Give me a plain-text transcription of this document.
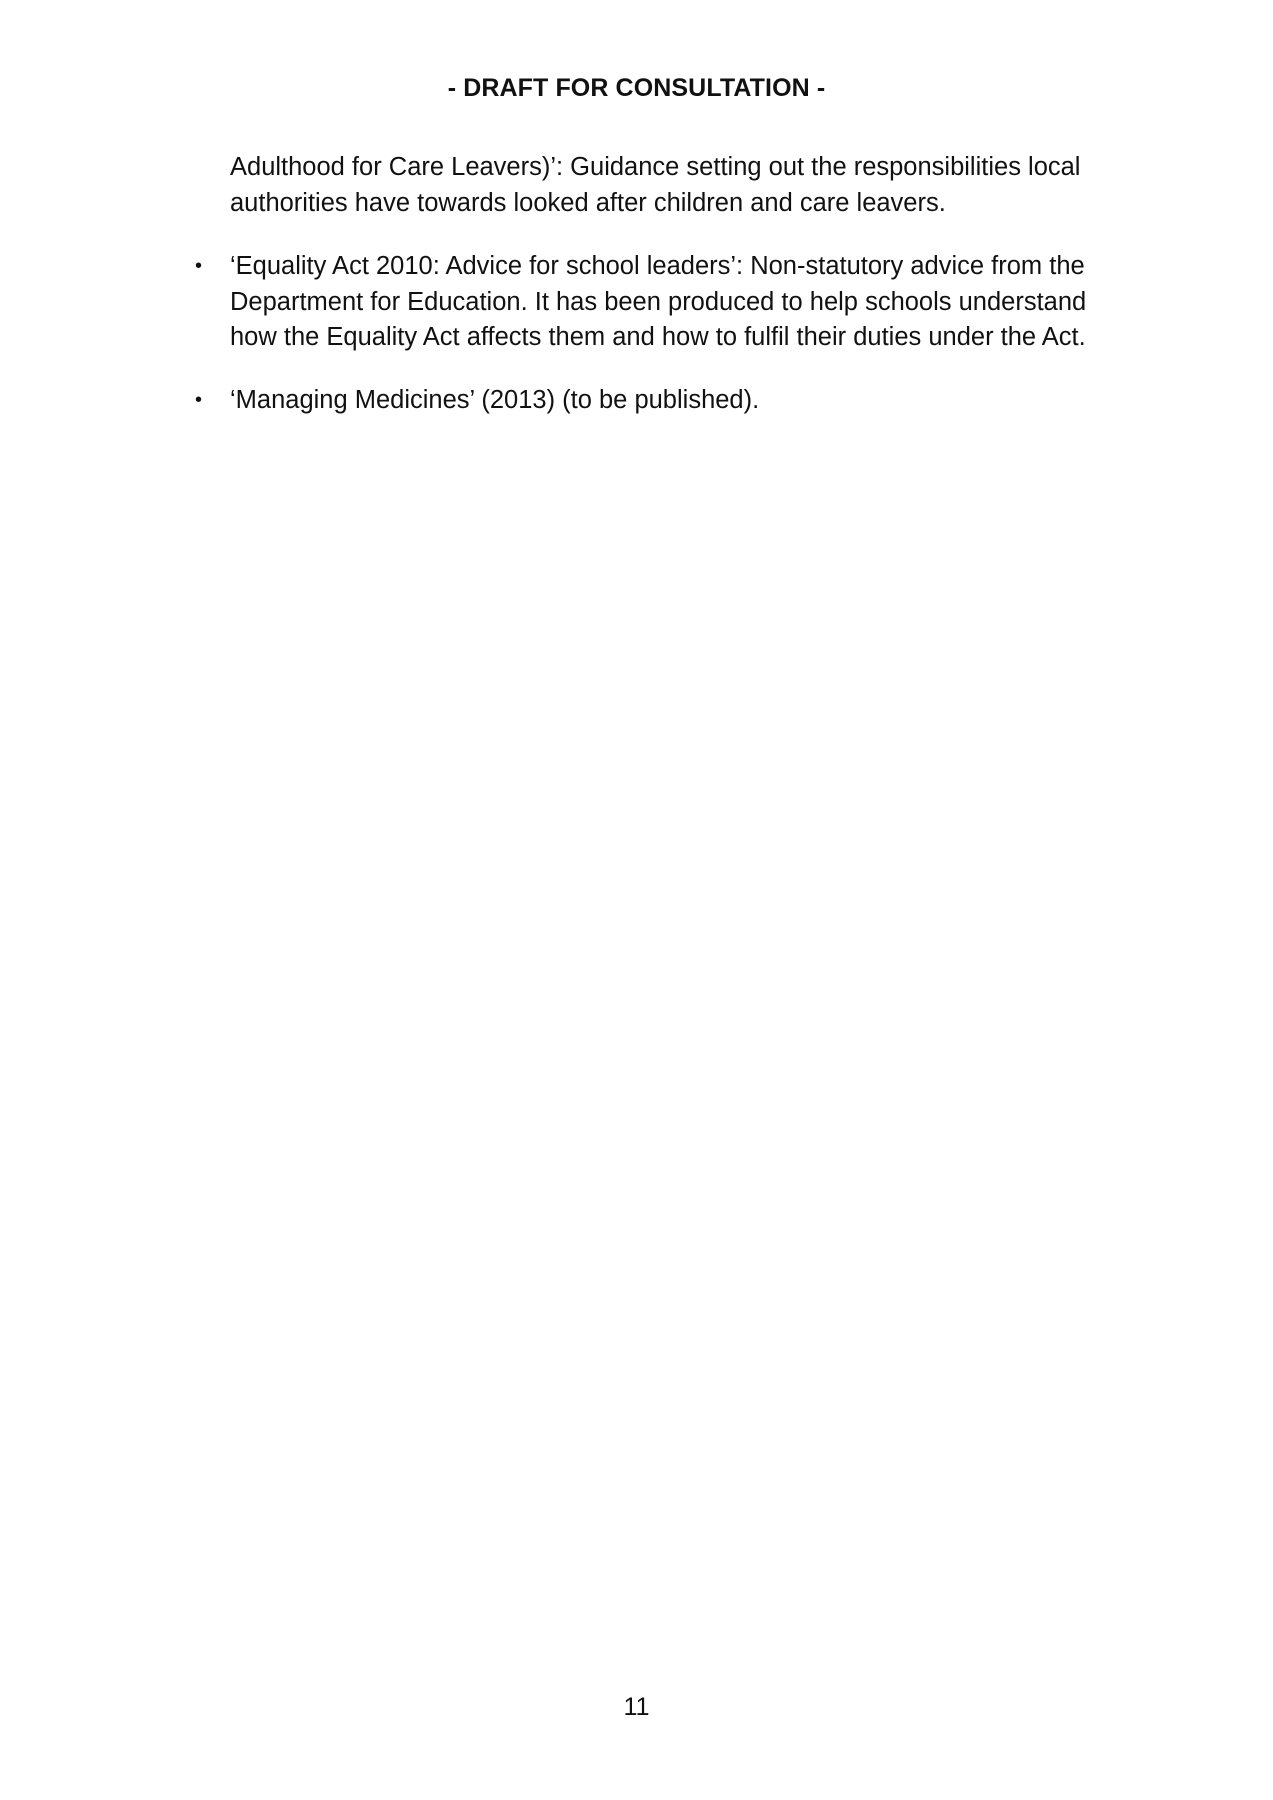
- DRAFT FOR CONSULTATION -
Adulthood for Care Leavers)’: Guidance setting out the responsibilities local authorities have towards looked after children and care leavers.
• ‘Equality Act 2010: Advice for school leaders’: Non-statutory advice from the Department for Education. It has been produced to help schools understand how the Equality Act affects them and how to fulfil their duties under the Act.
• ‘Managing Medicines’ (2013) (to be published).
11
